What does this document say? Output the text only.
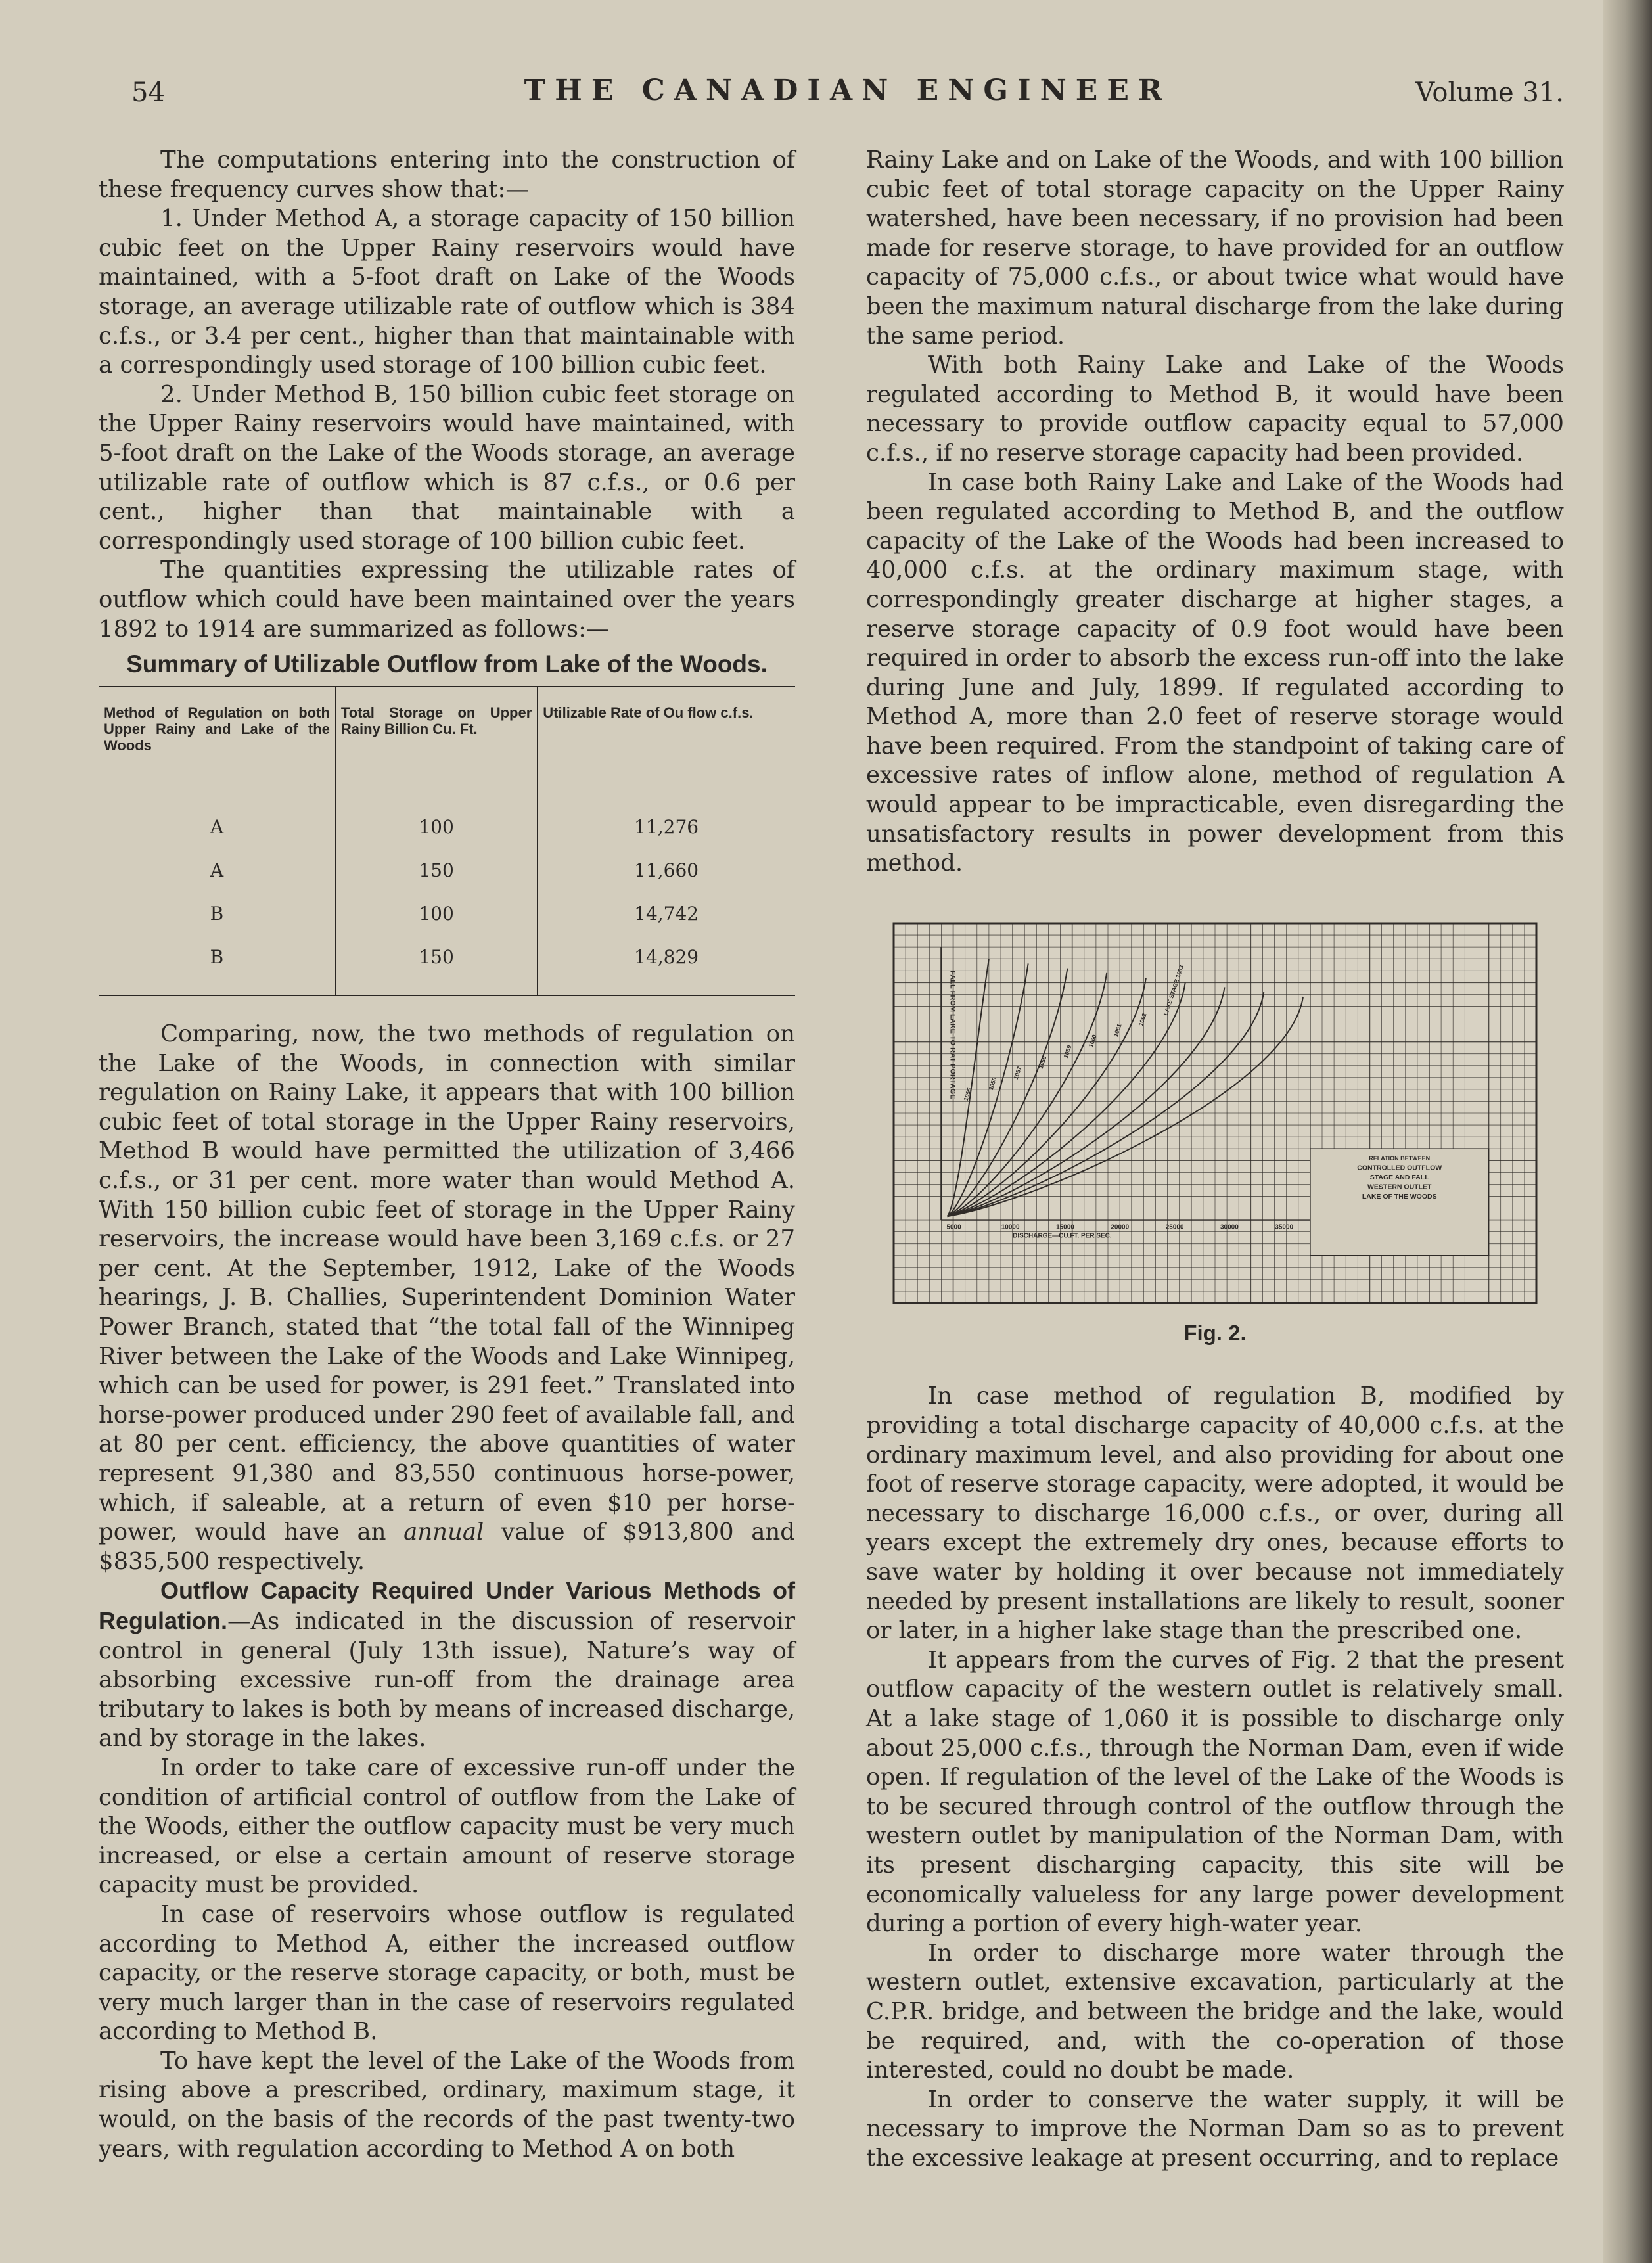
54	THE CANADIAN ENGINEER	Volume 31.

The computations entering into the construction of these frequency curves show that:—

1. Under Method A, a storage capacity of 150 billion cubic feet on the Upper Rainy reservoirs would have maintained, with a 5-foot draft on Lake of the Woods storage, an average utilizable rate of outflow which is 384 c.f.s., or 3.4 per cent., higher than that maintainable with a correspondingly used storage of 100 billion cubic feet.

2. Under Method B, 150 billion cubic feet storage on the Upper Rainy reservoirs would have maintained, with 5-foot draft on the Lake of the Woods storage, an average utilizable rate of outflow which is 87 c.f.s., or 0.6 per cent., higher than that maintainable with a correspondingly used storage of 100 billion cubic feet.

The quantities expressing the utilizable rates of outflow which could have been maintained over the years 1892 to 1914 are summarized as follows:—

Summary of Utilizable Outflow from Lake of the Woods.
Method of Regulation on both Upper Rainy and Lake of the Woods	Total Storage on Upper Rainy Billion Cu. Ft.	Utilizable Rate of Ou flow c.f.s.
A	100	11,276
A	150	11,660
B	100	14,742
B	150	14,829

Comparing, now, the two methods of regulation on the Lake of the Woods, in connection with similar regulation on Rainy Lake, it appears that with 100 billion cubic feet of total storage in the Upper Rainy reservoirs, Method B would have permitted the utilization of 3,466 c.f.s., or 31 per cent. more water than would Method A. With 150 billion cubic feet of storage in the Upper Rainy reservoirs, the increase would have been 3,169 c.f.s. or 27 per cent. At the September, 1912, Lake of the Woods hearings, J. B. Challies, Superintendent Dominion Water Power Branch, stated that “the total fall of the Winnipeg River between the Lake of the Woods and Lake Winnipeg, which can be used for power, is 291 feet.” Translated into horse-power produced under 290 feet of available fall, and at 80 per cent. efficiency, the above quantities of water represent 91,380 and 83,550 continuous horse-power, which, if saleable, at a return of even $10 per horse-power, would have an annual value of $913,800 and $835,500 respectively.

Outflow Capacity Required Under Various Methods of Regulation.—As indicated in the discussion of reservoir control in general (July 13th issue), Nature’s way of absorbing excessive run-off from the drainage area tributary to lakes is both by means of increased discharge, and by storage in the lakes.

In order to take care of excessive run-off under the condition of artificial control of outflow from the Lake of the Woods, either the outflow capacity must be very much increased, or else a certain amount of reserve storage capacity must be provided.

In case of reservoirs whose outflow is regulated according to Method A, either the increased outflow capacity, or the reserve storage capacity, or both, must be very much larger than in the case of reservoirs regulated according to Method B.

To have kept the level of the Lake of the Woods from rising above a prescribed, ordinary, maximum stage, it would, on the basis of the records of the past twenty-two years, with regulation according to Method A on both

Rainy Lake and on Lake of the Woods, and with 100 billion cubic feet of total storage capacity on the Upper Rainy watershed, have been necessary, if no provision had been made for reserve storage, to have provided for an outflow capacity of 75,000 c.f.s., or about twice what would have been the maximum natural discharge from the lake during the same period.

With both Rainy Lake and Lake of the Woods regulated according to Method B, it would have been necessary to provide outflow capacity equal to 57,000 c.f.s., if no reserve storage capacity had been provided.

In case both Rainy Lake and Lake of the Woods had been regulated according to Method B, and the outflow capacity of the Lake of the Woods had been increased to 40,000 c.f.s. at the ordinary maximum stage, with correspondingly greater discharge at higher stages, a reserve storage capacity of 0.9 foot would have been required in order to absorb the excess run-off into the lake during June and July, 1899. If regulated according to Method A, more than 2.0 feet of reserve storage would have been required. From the standpoint of taking care of excessive rates of inflow alone, method of regulation A would appear to be impracticable, even disregarding the unsatisfactory results in power development from this method.

FALL FROM LAKE TO RAT PORTAGE
5000	10000	15000	20000	25000	30000	35000
DISCHARGE—CU.FT. PER SEC.
1055
1056
1057
1058
1059
1060
1061
1062
LAKE STAGE 1063
RELATION BETWEEN
CONTROLLED OUTFLOW
STAGE AND FALL
WESTERN OUTLET
LAKE OF THE WOODS
Fig. 2.

In case method of regulation B, modified by providing a total discharge capacity of 40,000 c.f.s. at the ordinary maximum level, and also providing for about one foot of reserve storage capacity, were adopted, it would be necessary to discharge 16,000 c.f.s., or over, during all years except the extremely dry ones, because efforts to save water by holding it over because not immediately needed by present installations are likely to result, sooner or later, in a higher lake stage than the prescribed one.

It appears from the curves of Fig. 2 that the present outflow capacity of the western outlet is relatively small. At a lake stage of 1,060 it is possible to discharge only about 25,000 c.f.s., through the Norman Dam, even if wide open. If regulation of the level of the Lake of the Woods is to be secured through control of the outflow through the western outlet by manipulation of the Norman Dam, with its present discharging capacity, this site will be economically valueless for any large power development during a portion of every high-water year.

In order to discharge more water through the western outlet, extensive excavation, particularly at the C.P.R. bridge, and between the bridge and the lake, would be required, and, with the co-operation of those interested, could no doubt be made.

In order to conserve the water supply, it will be necessary to improve the Norman Dam so as to prevent the excessive leakage at present occurring, and to replace
